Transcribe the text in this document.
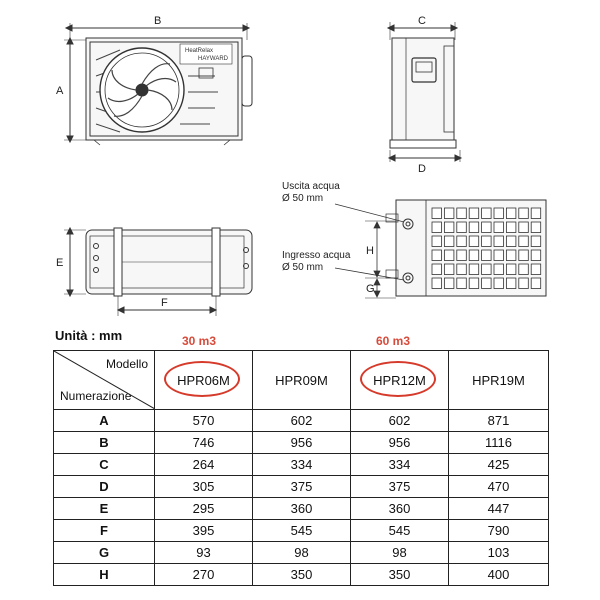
B
A
HeatRelax
HAYWARD
C
D
E
F
Uscita acqua
Ø 50 mm
Ingresso acqua
Ø 50 mm
H
G
Unità : mm	30 m3	60 m3
Modello
Numerazione	HPR06M	HPR09M	HPR12M	HPR19M
A	570	602	602	871
B	746	956	956	1116
C	264	334	334	425
D	305	375	375	470
E	295	360	360	447
F	395	545	545	790
G	93	98	98	103
H	270	350	350	400
